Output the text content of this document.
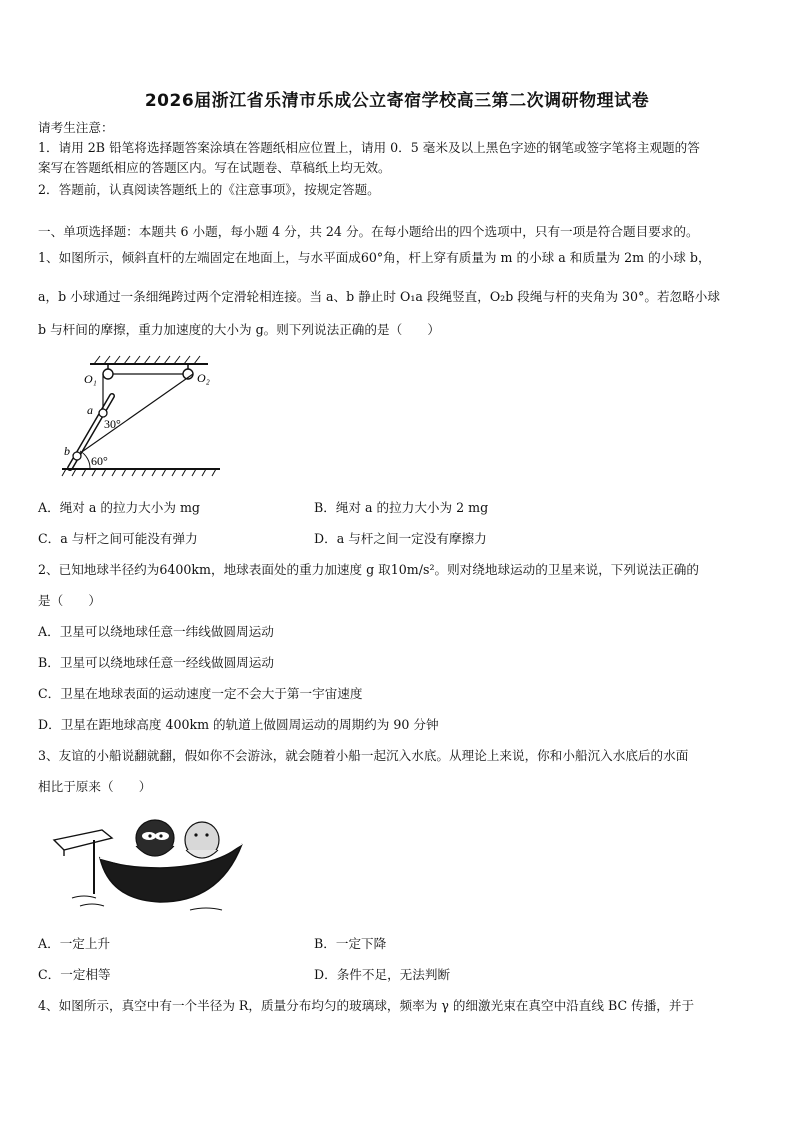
2026届浙江省乐清市乐成公立寄宿学校高三第二次调研物理试卷
请考生注意：
1．请用 2B 铅笔将选择题答案涂填在答题纸相应位置上，请用 0．5 毫米及以上黑色字迹的钢笔或签字笔将主观题的答
案写在答题纸相应的答题区内。写在试题卷、草稿纸上均无效。
2．答题前，认真阅读答题纸上的《注意事项》，按规定答题。
一、单项选择题：本题共 6 小题，每小题 4 分，共 24 分。在每小题给出的四个选项中，只有一项是符合题目要求的。
1、如图所示，倾斜直杆的左端固定在地面上，与水平面成60°角，杆上穿有质量为 m 的小球 a 和质量为 2m 的小球 b，
a，b 小球通过一条细绳跨过两个定滑轮相连接。当 a、b 静止时 O₁a 段绳竖直，O₂b 段绳与杆的夹角为 30°。若忽略小球
b 与杆间的摩擦，重力加速度的大小为 g。则下列说法正确的是（　　）
O₁	O₂
a
b
30°
60°
A．绳对 a 的拉力大小为 mg	B．绳对 a 的拉力大小为 2 mg
C．a 与杆之间可能没有弹力	D．a 与杆之间一定没有摩擦力
2、已知地球半径约为6400km，地球表面处的重力加速度 g 取10m/s²。则对绕地球运动的卫星来说，下列说法正确的
是（　　）
A．卫星可以绕地球任意一纬线做圆周运动
B．卫星可以绕地球任意一经线做圆周运动
C．卫星在地球表面的运动速度一定不会大于第一宇宙速度
D．卫星在距地球高度 400km 的轨道上做圆周运动的周期约为 90 分钟
3、友谊的小船说翻就翻，假如你不会游泳，就会随着小船一起沉入水底。从理论上来说，你和小船沉入水底后的水面
相比于原来（　　）
A．一定上升	B．一定下降
C．一定相等	D．条件不足，无法判断
4、如图所示，真空中有一个半径为 R，质量分布均匀的玻璃球，频率为 γ 的细激光束在真空中沿直线 BC 传播，并于
